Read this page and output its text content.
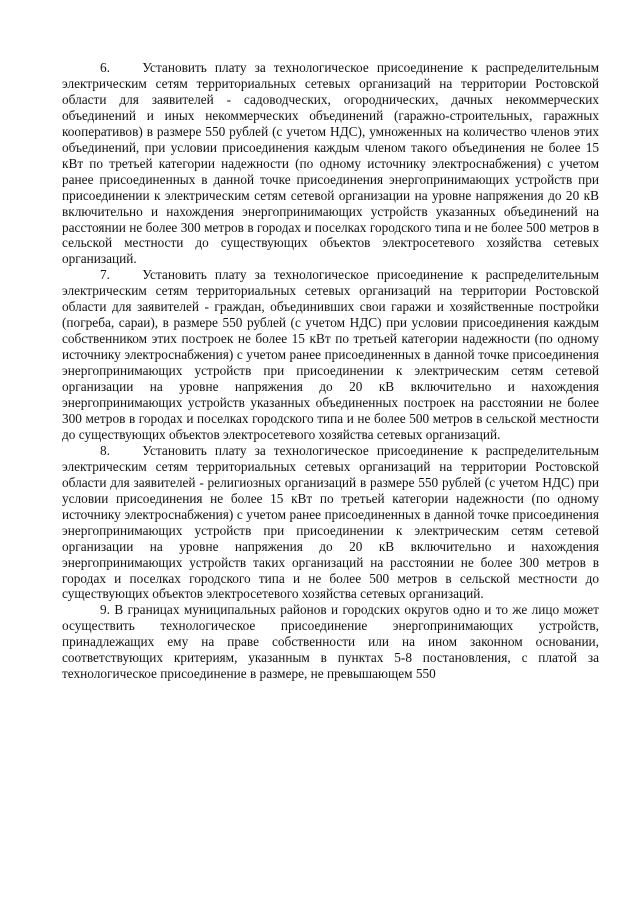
6.    Установить плату за технологическое присоединение к распределительным электрическим сетям территориальных сетевых организаций на территории Ростовской области для заявителей - садоводческих, огороднических, дачных некоммерческих объединений и иных некоммерческих объединений (гаражно-строительных, гаражных кооперативов) в размере 550 рублей (с учетом НДС), умноженных на количество членов этих объединений, при условии присоединения каждым членом такого объединения не более 15 кВт по третьей категории надежности (по одному источнику электроснабжения) с учетом ранее присоединенных в данной точке присоединения энергопринимающих устройств при присоединении к электрическим сетям сетевой организации на уровне напряжения до 20 кВ включительно и нахождения энергопринимающих устройств указанных объединений на расстоянии не более 300 метров в городах и поселках городского типа и не более 500 метров в сельской местности до существующих объектов электросетевого хозяйства сетевых организаций.

7.    Установить плату за технологическое присоединение к распределительным электрическим сетям территориальных сетевых организаций на территории Ростовской области для заявителей - граждан, объединивших свои гаражи и хозяйственные постройки (погреба, сараи), в размере 550 рублей (с учетом НДС) при условии присоединения каждым собственником этих построек не более 15 кВт по третьей категории надежности (по одному источнику электроснабжения) с учетом ранее присоединенных в данной точке присоединения энергопринимающих устройств при присоединении к электрическим сетям сетевой организации на уровне напряжения до 20 кВ включительно и нахождения энергопринимающих устройств указанных объединенных построек на расстоянии не более 300 метров в городах и поселках городского типа и не более 500 метров в сельской местности до существующих объектов электросетевого хозяйства сетевых организаций.

8.    Установить плату за технологическое присоединение к распределительным электрическим сетям территориальных сетевых организаций на территории Ростовской области для заявителей - религиозных организаций в размере 550 рублей (с учетом НДС) при условии присоединения не более 15 кВт по третьей категории надежности (по одному источнику электроснабжения) с учетом ранее присоединенных в данной точке присоединения энергопринимающих устройств при присоединении к электрическим сетям сетевой организации на уровне напряжения до 20 кВ включительно и нахождения энергопринимающих устройств таких организаций на расстоянии не более 300 метров в городах и поселках городского типа и не более 500 метров в сельской местности до существующих объектов электросетевого хозяйства сетевых организаций.

9. В границах муниципальных районов и городских округов одно и то же лицо может осуществить технологическое присоединение энергопринимающих устройств, принадлежащих ему на праве собственности или на ином законном основании, соответствующих критериям, указанным в пунктах 5-8 постановления, с платой за технологическое присоединение в размере, не превышающем 550
